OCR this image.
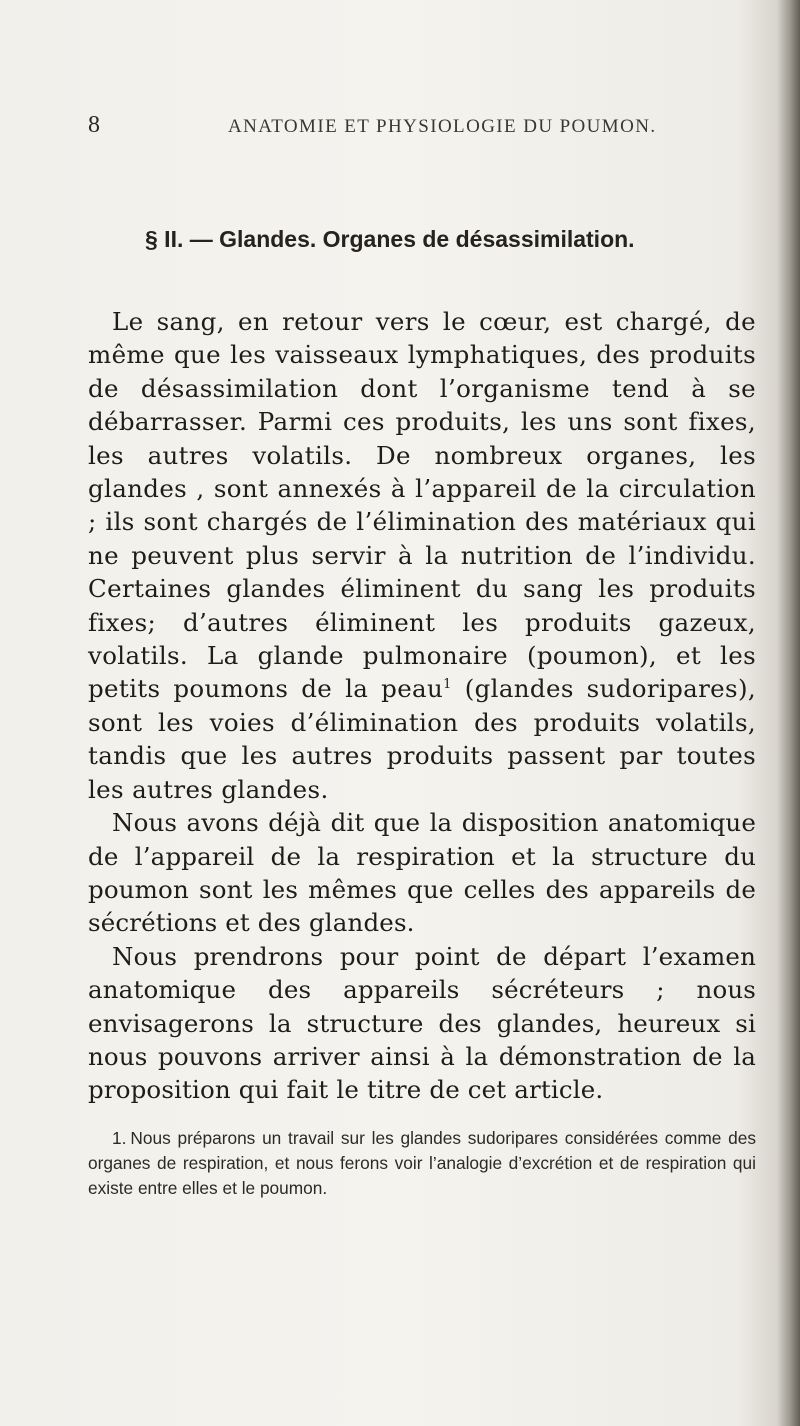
8	ANATOMIE ET PHYSIOLOGIE DU POUMON.
§ II. — Glandes. Organes de désassimilation.

Le sang, en retour vers le cœur, est chargé, de même que les vaisseaux lymphatiques, des produits de désassimilation dont l’organisme tend à se débarrasser. Parmi ces produits, les uns sont fixes, les autres volatils. De nombreux organes, les glandes , sont annexés à l’appareil de la circulation ; ils sont chargés de l’élimination des matériaux qui ne peuvent plus servir à la nutrition de l’individu. Certaines glandes éliminent du sang les produits fixes; d’autres éliminent les produits gazeux, volatils. La glande pulmonaire (poumon), et les petits poumons de la peau$^1$ (glandes sudoripares), sont les voies d’élimination des produits volatils, tandis que les autres produits passent par toutes les autres glandes.

Nous avons déjà dit que la disposition anatomique de l’appareil de la respiration et la structure du poumon sont les mêmes que celles des appareils de sécrétions et des glandes.

Nous prendrons pour point de départ l’examen anatomique des appareils sécréteurs ; nous envisagerons la structure des glandes, heureux si nous pouvons arriver ainsi à la démonstration de la proposition qui fait le titre de cet article.

1. Nous préparons un travail sur les glandes sudoripares considérées comme des organes de respiration, et nous ferons voir l’analogie d’excrétion et de respiration qui existe entre elles et le poumon.
